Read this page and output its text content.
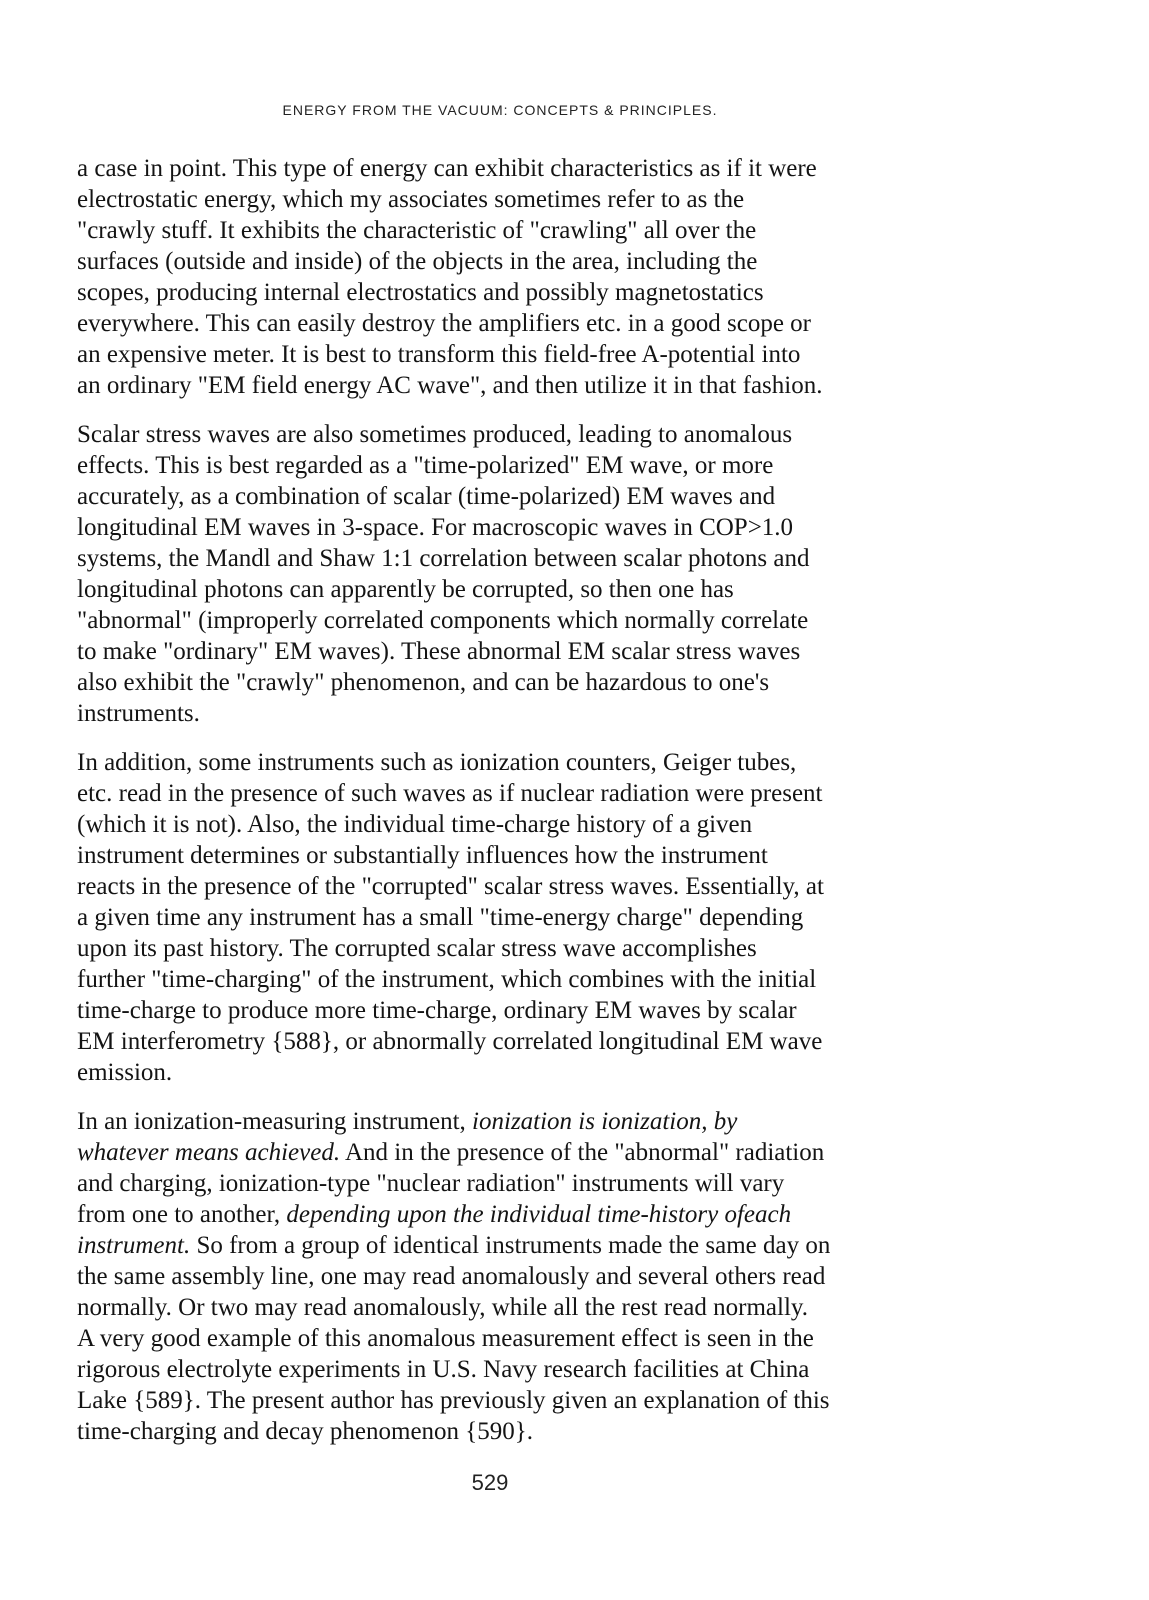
ENERGY FROM THE VACUUM: CONCEPTS & PRINCIPLES.

a case in point. This type of energy can exhibit characteristics as if it were
electrostatic energy, which my associates sometimes refer to as the
"crawly stuff. It exhibits the characteristic of "crawling" all over the
surfaces (outside and inside) of the objects in the area, including the
scopes, producing internal electrostatics and possibly magnetostatics
everywhere. This can easily destroy the amplifiers etc. in a good scope or
an expensive meter. It is best to transform this field-free A-potential into
an ordinary "EM field energy AC wave", and then utilize it in that fashion.

Scalar stress waves are also sometimes produced, leading to anomalous
effects. This is best regarded as a "time-polarized" EM wave, or more
accurately, as a combination of scalar (time-polarized) EM waves and
longitudinal EM waves in 3-space. For macroscopic waves in COP>1.0
systems, the Mandl and Shaw 1:1 correlation between scalar photons and
longitudinal photons can apparently be corrupted, so then one has
"abnormal" (improperly correlated components which normally correlate
to make "ordinary" EM waves). These abnormal EM scalar stress waves
also exhibit the "crawly" phenomenon, and can be hazardous to one's
instruments.

In addition, some instruments such as ionization counters, Geiger tubes,
etc. read in the presence of such waves as if nuclear radiation were present
(which it is not). Also, the individual time-charge history of a given
instrument determines or substantially influences how the instrument
reacts in the presence of the "corrupted" scalar stress waves. Essentially, at
a given time any instrument has a small "time-energy charge" depending
upon its past history. The corrupted scalar stress wave accomplishes
further "time-charging" of the instrument, which combines with the initial
time-charge to produce more time-charge, ordinary EM waves by scalar
EM interferometry {588}, or abnormally correlated longitudinal EM wave
emission.

In an ionization-measuring instrument, ionization is ionization, by
whatever means achieved. And in the presence of the "abnormal" radiation
and charging, ionization-type "nuclear radiation" instruments will vary
from one to another, depending upon the individual time-history ofeach
instrument. So from a group of identical instruments made the same day on
the same assembly line, one may read anomalously and several others read
normally. Or two may read anomalously, while all the rest read normally.
A very good example of this anomalous measurement effect is seen in the
rigorous electrolyte experiments in U.S. Navy research facilities at China
Lake {589}. The present author has previously given an explanation of this
time-charging and decay phenomenon {590}.

529
